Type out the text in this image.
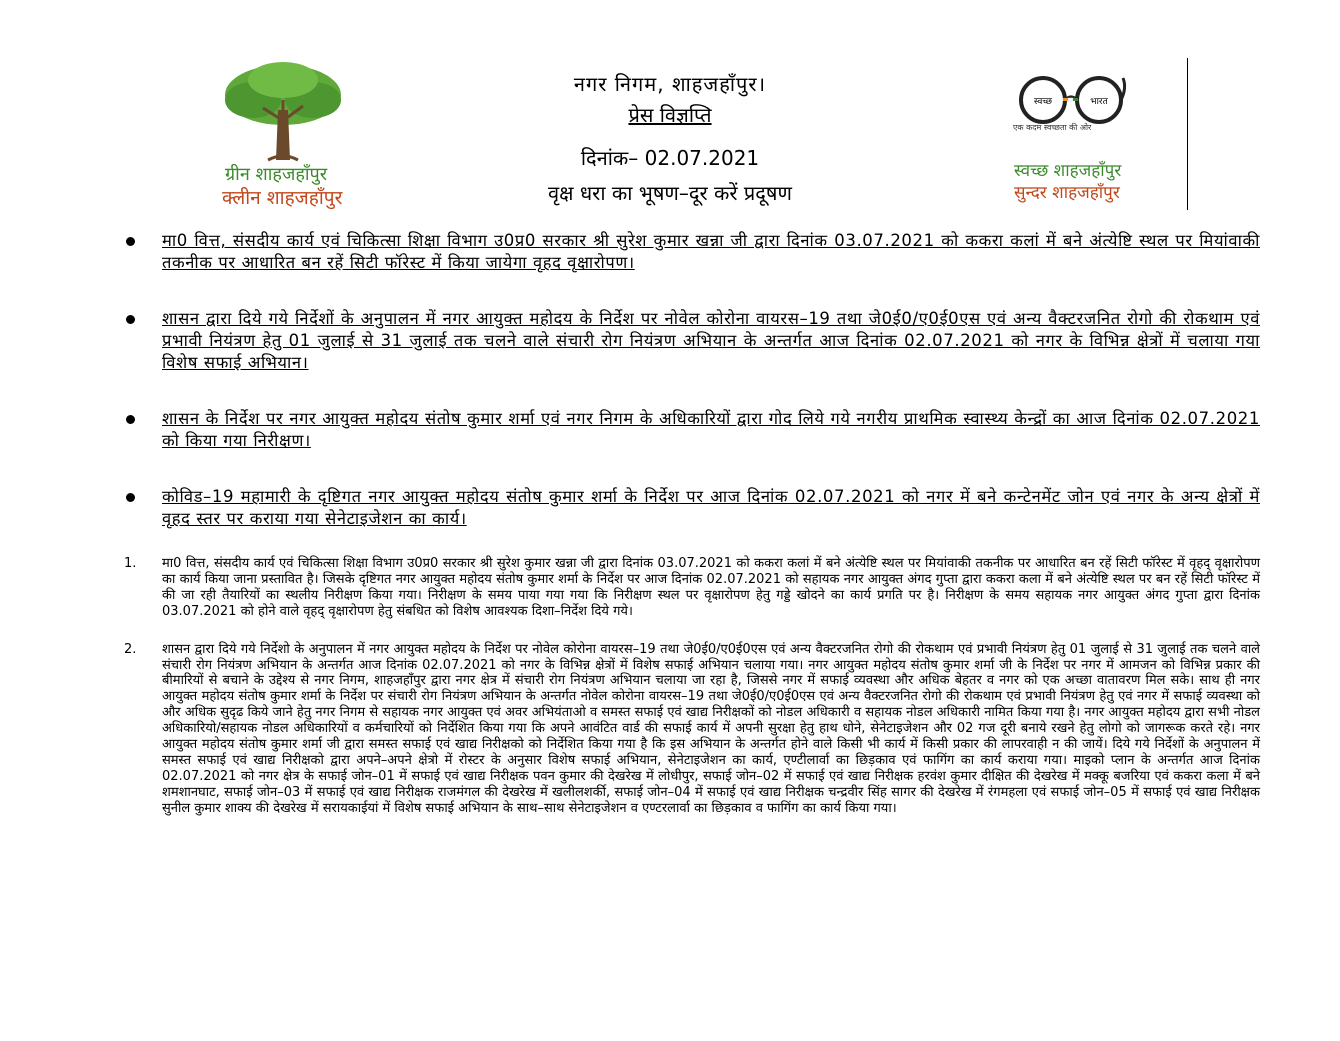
ग्रीन शाहजहाँपुर
क्लीन शाहजहाँपुर
नगर निगम, शाहजहाँपुर।
प्रेस विज्ञप्ति
दिनांक– 02.07.2021
वृक्ष धरा का भूषण–दूर करें प्रदूषण
स्वच्छ	भारत
एक कदम स्वच्छता की ओर
स्वच्छ शाहजहाँपुर
सुन्दर शाहजहाँपुर
मा0 वित्त, संसदीय कार्य एवं चिकित्सा शिक्षा विभाग उ0प्र0 सरकार श्री सुरेश कुमार खन्ना जी द्वारा दिनांक 03.07.2021 को ककरा कलां में बने अंत्येष्टि स्थल पर मियांवाकी तकनीक पर आधारित बन रहें सिटी फॉरेस्ट में किया जायेगा वृहद वृक्षारोपण।
शासन द्वारा दिये गये निर्देशों के अनुपालन में नगर आयुक्त महोदय के निर्देश पर नोवेल कोरोना वायरस–19 तथा जे0ई0/ए0ई0एस एवं अन्य वैक्टरजनित रोगो की रोकथाम एवं प्रभावी नियंत्रण हेतु 01 जुलाई से 31 जुलाई तक चलने वाले संचारी रोग नियंत्रण अभियान के अन्तर्गत आज दिनांक 02.07.2021 को नगर के विभिन्न क्षेत्रों में चलाया गया विशेष सफाई अभियान।
शासन के निर्देश पर नगर आयुक्त महोदय संतोष कुमार शर्मा एवं नगर निगम के अधिकारियों द्वारा गोद लिये गये नगरीय प्राथमिक स्वास्थ्य केन्द्रों का आज दिनांक 02.07.2021 को किया गया निरीक्षण।
कोविड–19 महामारी के दृष्टिगत नगर आयुक्त महोदय संतोष कुमार शर्मा के निर्देश पर आज दिनांक 02.07.2021 को नगर में बने कन्टेनमेंट जोन एवं नगर के अन्य क्षेत्रों में वृहद स्तर पर कराया गया सेनेटाइजेशन का कार्य।
1. मा0 वित्त, संसदीय कार्य एवं चिकित्सा शिक्षा विभाग उ0प्र0 सरकार श्री सुरेश कुमार खन्ना जी द्वारा दिनांक 03.07.2021 को ककरा कलां में बने अंत्येष्टि स्थल पर मियांवाकी तकनीक पर आधारित बन रहें सिटी फॉरेस्ट में वृहद् वृक्षारोपण का कार्य किया जाना प्रस्तावित है। जिसके दृष्टिगत नगर आयुक्त महोदय संतोष कुमार शर्मा के निर्देश पर आज दिनांक 02.07.2021 को सहायक नगर आयुक्त अंगद गुप्ता द्वारा ककरा कला में बने अंत्येष्टि स्थल पर बन रहें सिटी फॉरेस्ट में की जा रही तैयारियों का स्थलीय निरीक्षण किया गया। निरीक्षण के समय पाया गया गया कि निरीक्षण स्थल पर वृक्षारोपण हेतु गड्डे खोदने का कार्य प्रगति पर है। निरीक्षण के समय सहायक नगर आयुक्त अंगद गुप्ता द्वारा दिनांक 03.07.2021 को होने वाले वृहद् वृक्षारोपण हेतु संबधित को विशेष आवश्यक दिशा–निर्देश दिये गये।
2. शासन द्वारा दिये गये निर्देशो के अनुपालन में नगर आयुक्त महोदय के निर्देश पर नोवेल कोरोना वायरस–19 तथा जे0ई0/ए0ई0एस एवं अन्य वैक्टरजनित रोगो की रोकथाम एवं प्रभावी नियंत्रण हेतु 01 जुलाई से 31 जुलाई तक चलने वाले संचारी रोग नियंत्रण अभियान के अन्तर्गत आज दिनांक 02.07.2021 को नगर के विभिन्न क्षेत्रों में विशेष सफाई अभियान चलाया गया। नगर आयुक्त महोदय संतोष कुमार शर्मा जी के निर्देश पर नगर में आमजन को विभिन्न प्रकार की बीमारियों से बचाने के उद्देश्य से नगर निगम, शाहजहाँपुर द्वारा नगर क्षेत्र में संचारी रोग नियंत्रण अभियान चलाया जा रहा है, जिससे नगर में सफाई व्यवस्था और अधिक बेहतर व नगर को एक अच्छा वातावरण मिल सके। साथ ही नगर आयुक्त महोदय संतोष कुमार शर्मा के निर्देश पर संचारी रोग नियंत्रण अभियान के अन्तर्गत नोवेल कोरोना वायरस–19 तथा जे0ई0/ए0ई0एस एवं अन्य वैक्टरजनित रोगो की रोकथाम एवं प्रभावी नियंत्रण हेतु एवं नगर में सफाई व्यवस्था को और अधिक सुदृढ किये जाने हेतु नगर निगम से सहायक नगर आयुक्त एवं अवर अभियंताओ व समस्त सफाई एवं खाद्य निरीक्षकों को नोडल अधिकारी व सहायक नोडल अधिकारी नामित किया गया है। नगर आयुक्त महोदय द्वारा सभी नोडल अधिकारियो/सहायक नोडल अधिकारियों व कर्मचारियों को निर्देशित किया गया कि अपने आवंटित वार्ड की सफाई कार्य में अपनी सुरक्षा हेतु हाथ धोने, सेनेटाइजेशन और 02 गज दूरी बनाये रखने हेतु लोगो को जागरूक करते रहे। नगर आयुक्त महोदय संतोष कुमार शर्मा जी द्वारा समस्त सफाई एवं खाद्य निरीक्षको को निर्देशित किया गया है कि इस अभियान के अन्तर्गत होने वाले किसी भी कार्य में किसी प्रकार की लापरवाही न की जायें। दिये गये निर्देशों के अनुपालन में समस्त सफाई एवं खाद्य निरीक्षको द्वारा अपने–अपने क्षेत्रो में रोस्टर के अनुसार विशेष सफाई अभियान, सेनेटाइजेशन का कार्य, एण्टीलार्वा का छिड़काव एवं फागिंग का कार्य कराया गया। माइको प्लान के अन्तर्गत आज दिनांक 02.07.2021 को नगर क्षेत्र के सफाई जोन–01 में सफाई एवं खाद्य निरीक्षक पवन कुमार की देखरेख में लोधीपुर, सफाई जोन–02 में सफाई एवं खाद्य निरीक्षक हरवंश कुमार दीक्षित की देखरेख में मक्कू बजरिया एवं ककरा कला में बने शमशानघाट, सफाई जोन–03 में सफाई एवं खाद्य निरीक्षक राजमंगल की देखरेख में खलीलशर्की, सफाई जोन–04 में सफाई एवं खाद्य निरीक्षक चन्द्रवीर सिंह सागर की देखरेख में रंगमहला एवं सफाई जोन–05 में सफाई एवं खाद्य निरीक्षक सुनील कुमार शाक्य की देखरेख में सरायकाईयां में विशेष सफाई अभियान के साथ–साथ सेनेटाइजेशन व एण्टरलार्वा का छिड़काव व फागिंग का कार्य किया गया।
